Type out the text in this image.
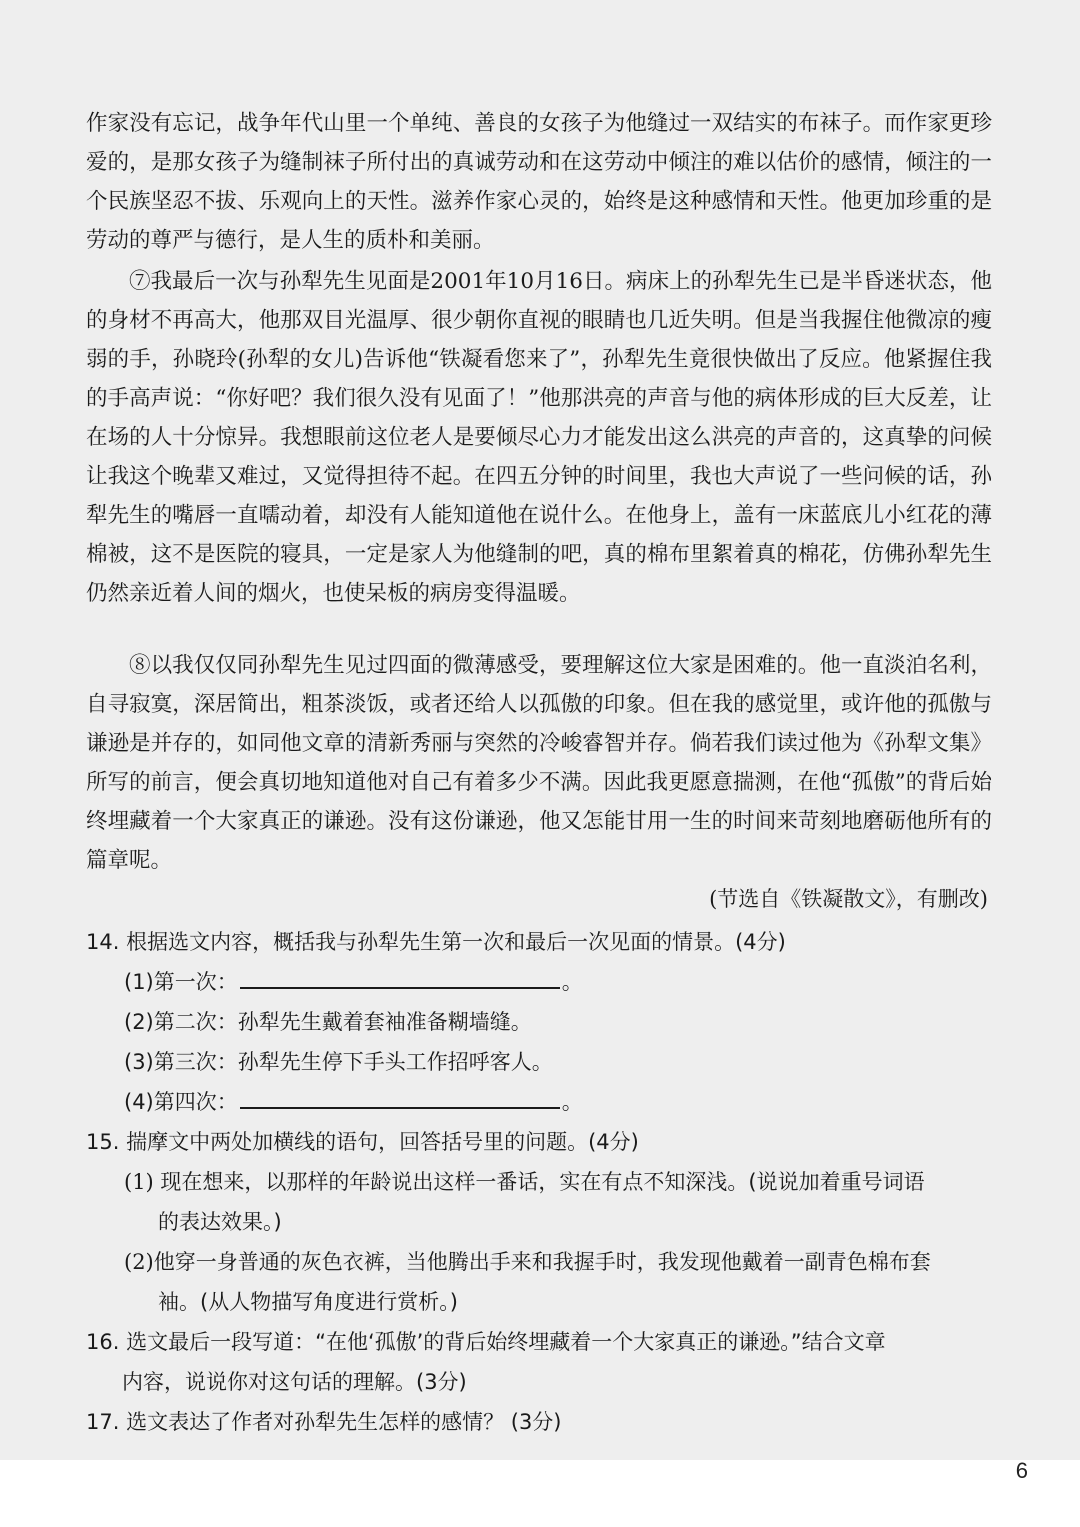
作家没有忘记，战争年代山里一个单纯、善良的女孩子为他缝过一双结实的布袜子。而作家更珍爱的，是那女孩子为缝制袜子所付出的真诚劳动和在这劳动中倾注的难以估价的感情，倾注的一个民族坚忍不拔、乐观向上的天性。滋养作家心灵的，始终是这种感情和天性。他更加珍重的是劳动的尊严与德行，是人生的质朴和美丽。

⑦我最后一次与孙犁先生见面是2001年10月16日。病床上的孙犁先生已是半昏迷状态，他的身材不再高大，他那双目光温厚、很少朝你直视的眼睛也几近失明。但是当我握住他微凉的瘦弱的手，孙晓玲(孙犁的女儿)告诉他“铁凝看您来了”，孙犁先生竟很快做出了反应。他紧握住我的手高声说：“你好吧？我们很久没有见面了！”他那洪亮的声音与他的病体形成的巨大反差，让在场的人十分惊异。我想眼前这位老人是要倾尽心力才能发出这么洪亮的声音的，这真挚的问候让我这个晚辈又难过，又觉得担待不起。在四五分钟的时间里，我也大声说了一些问候的话，孙犁先生的嘴唇一直嚅动着，却没有人能知道他在说什么。在他身上，盖有一床蓝底儿小红花的薄棉被，这不是医院的寝具，一定是家人为他缝制的吧，真的棉布里絮着真的棉花，仿佛孙犁先生仍然亲近着人间的烟火，也使呆板的病房变得温暖。

⑧以我仅仅同孙犁先生见过四面的微薄感受，要理解这位大家是困难的。他一直淡泊名利，自寻寂寞，深居简出，粗茶淡饭，或者还给人以孤傲的印象。但在我的感觉里，或许他的孤傲与谦逊是并存的，如同他文章的清新秀丽与突然的冷峻睿智并存。倘若我们读过他为《孙犁文集》所写的前言，便会真切地知道他对自己有着多少不满。因此我更愿意揣测，在他“孤傲”的背后始终埋藏着一个大家真正的谦逊。没有这份谦逊，他又怎能甘用一生的时间来苛刻地磨砺他所有的篇章呢。

(节选自《铁凝散文》，有删改)

14. 根据选文内容，概括我与孙犁先生第一次和最后一次见面的情景。(4分)

(1)第一次：	。

(2)第二次：孙犁先生戴着套袖准备糊墙缝。

(3)第三次：孙犁先生停下手头工作招呼客人。

(4)第四次：	。

15. 揣摩文中两处加横线的语句，回答括号里的问题。(4分)

(1) 现在想来，以那样的年龄说出这样一番话，实在有点不知深浅。(说说加着重号词语

的表达效果。)

(2)他穿一身普通的灰色衣裤，当他腾出手来和我握手时，我发现他戴着一副青色棉布套

袖。(从人物描写角度进行赏析。)

16. 选文最后一段写道：“在他‘孤傲’的背后始终埋藏着一个大家真正的谦逊。”结合文章

内容，说说你对这句话的理解。(3分)

17. 选文表达了作者对孙犁先生怎样的感情？ (3分)

6
